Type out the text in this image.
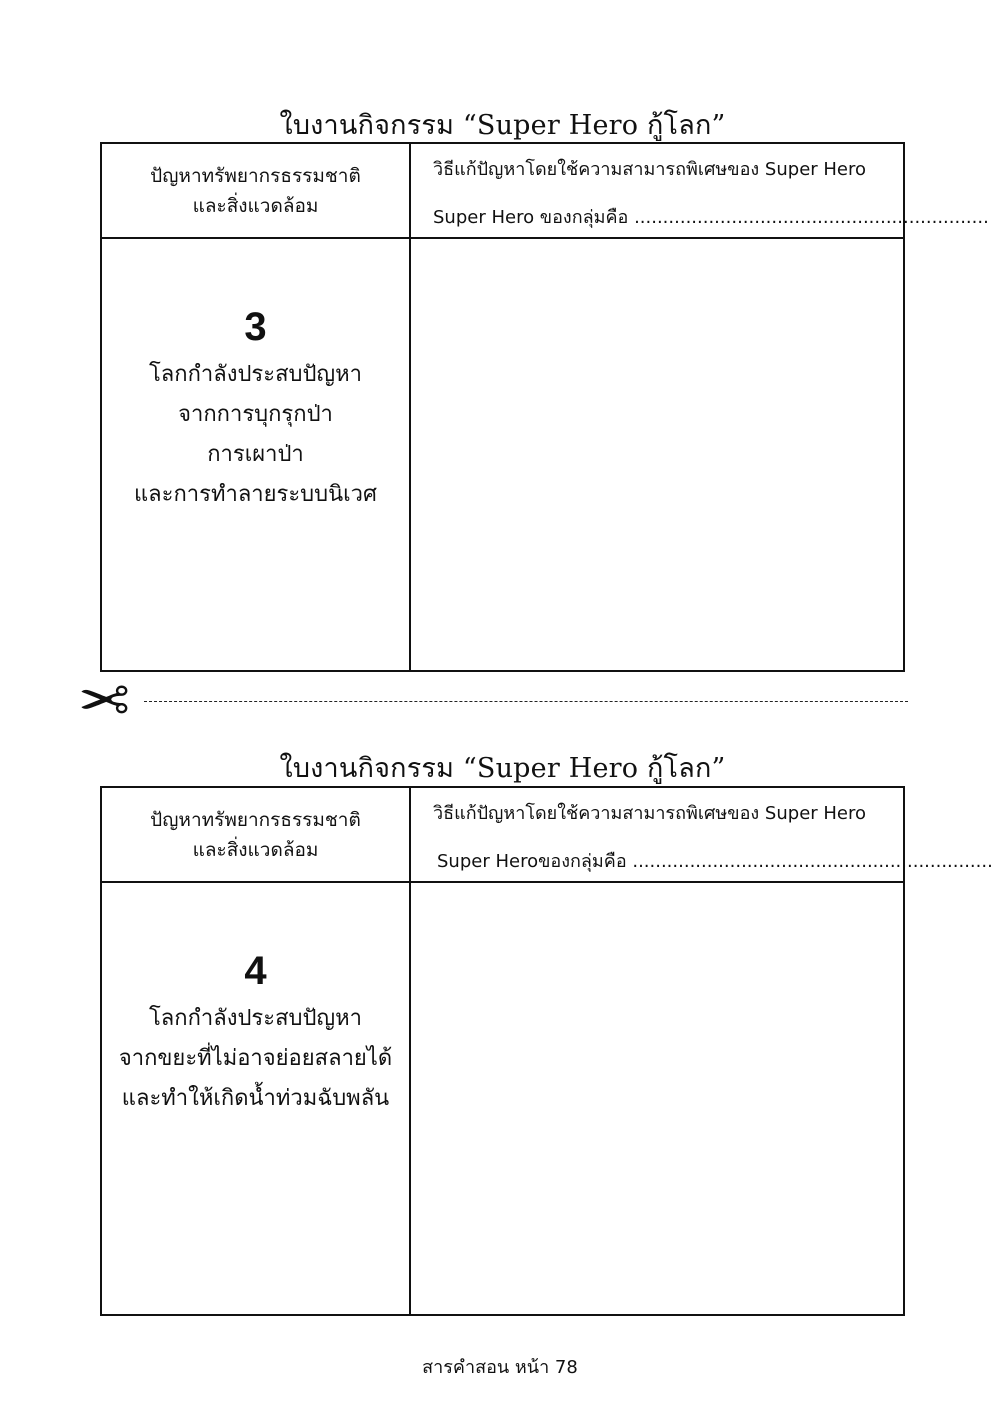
ใบงานกิจกรรม “Super Hero กู้โลก”
ปัญหาทรัพยากรธรรมชาติ
และสิ่งแวดล้อม
วิธีแก้ปัญหาโดยใช้ความสามารถพิเศษของ Super Hero
Super Hero ของกลุ่มคือ ..............................................................
3
โลกกำลังประสบปัญหา
จากการบุกรุกป่า
การเผาป่า
และการทำลายระบบนิเวศ
✂
ใบงานกิจกรรม “Super Hero กู้โลก”
ปัญหาทรัพยากรธรรมชาติ
และสิ่งแวดล้อม
วิธีแก้ปัญหาโดยใช้ความสามารถพิเศษของ Super Hero
Super Heroของกลุ่มคือ ...............................................................
4
โลกกำลังประสบปัญหา
จากขยะที่ไม่อาจย่อยสลายได้
และทำให้เกิดน้ำท่วมฉับพลัน
สารคำสอน หน้า 78
